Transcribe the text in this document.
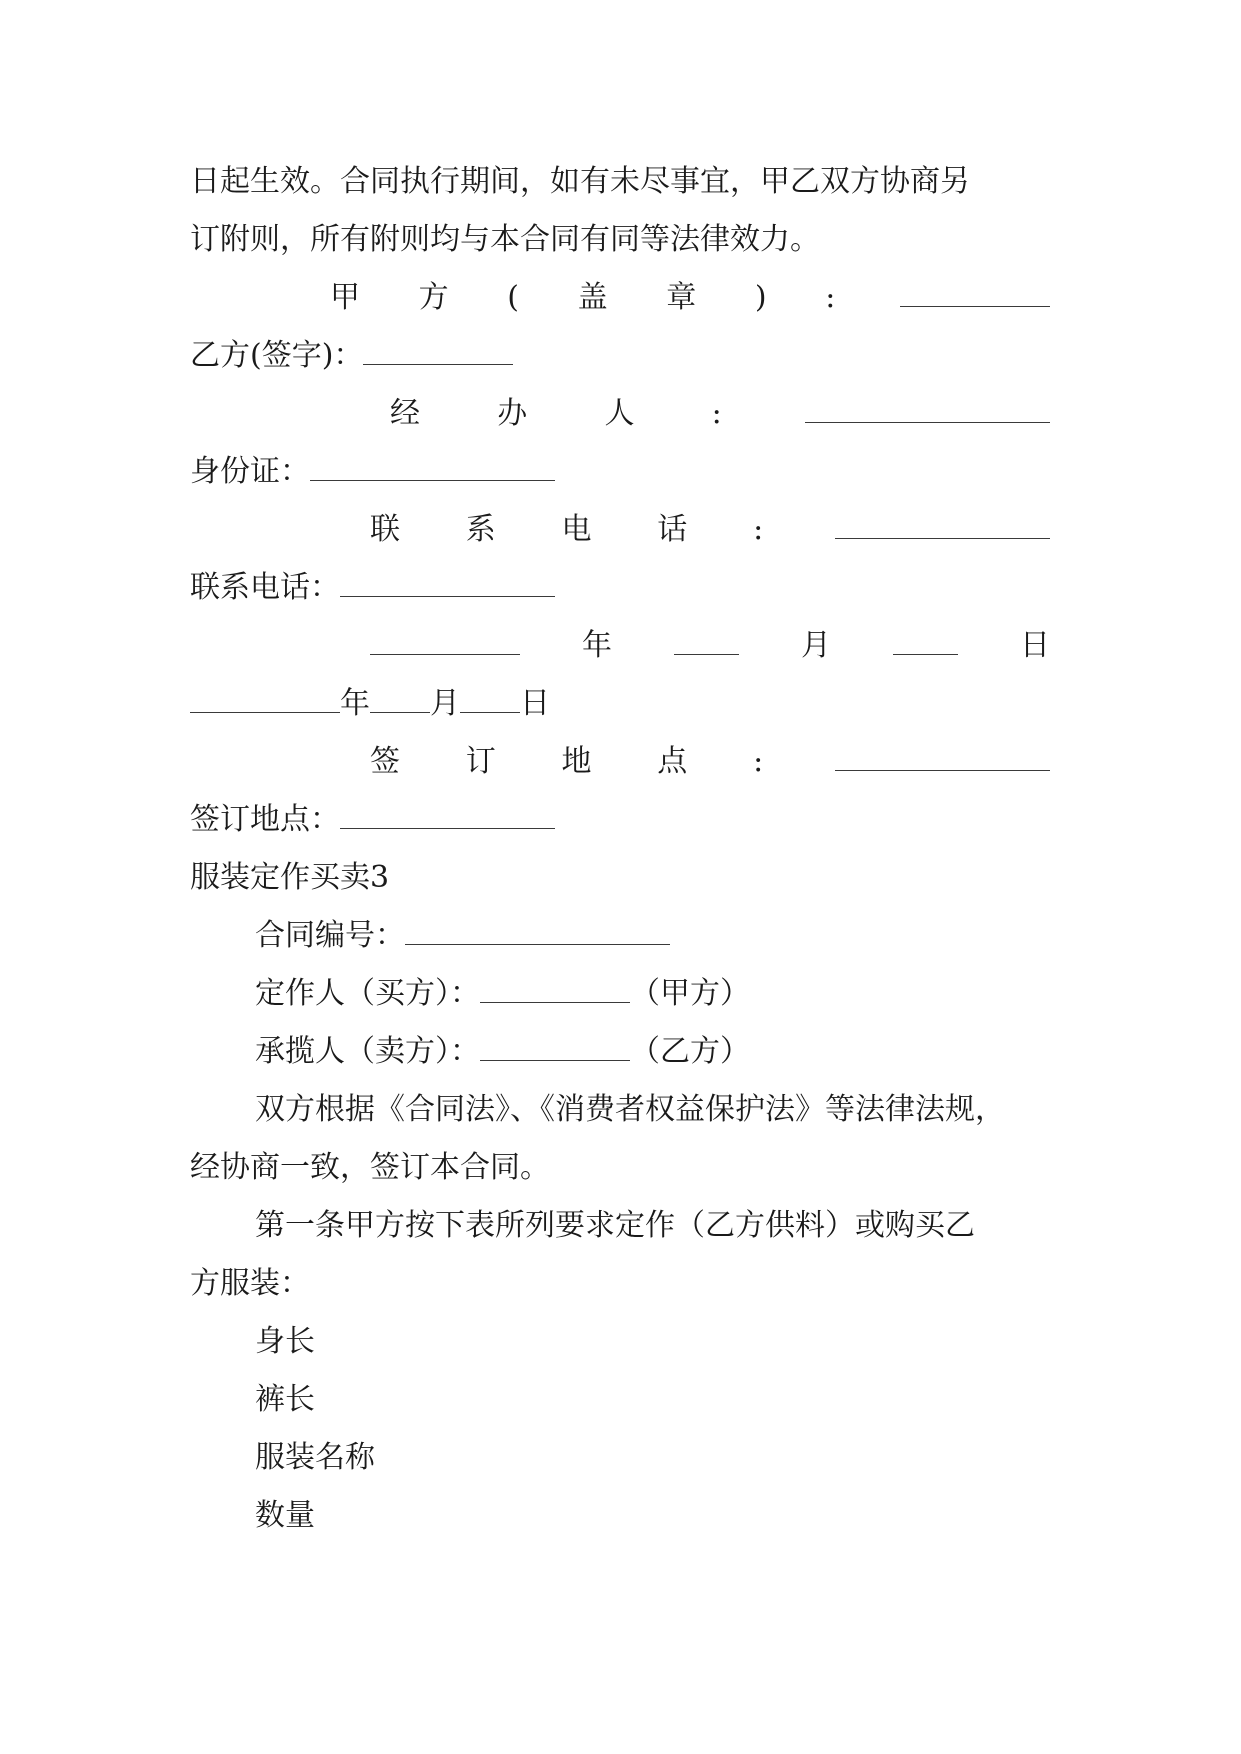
日起生效。合同执行期间，如有未尽事宜，甲乙双方协商另
订附则，所有附则均与本合同有同等法律效力。
甲 方 ( 盖 章 ) :
乙方(签字)：
经	办	人	:
身份证：
联 系 电 话 :
联系电话：
年	月	日
年 月 日
签 订 地 点 :
签订地点：
服装定作买卖3
合同编号：
定作人（买方）：	（甲方）
承揽人（卖方）：	（乙方）
双方根据《合同法》、《消费者权益保护法》等法律法规，
经协商一致，签订本合同。
第一条甲方按下表所列要求定作（乙方供料）或购买乙
方服装：
身长
裤长
服装名称
数量
